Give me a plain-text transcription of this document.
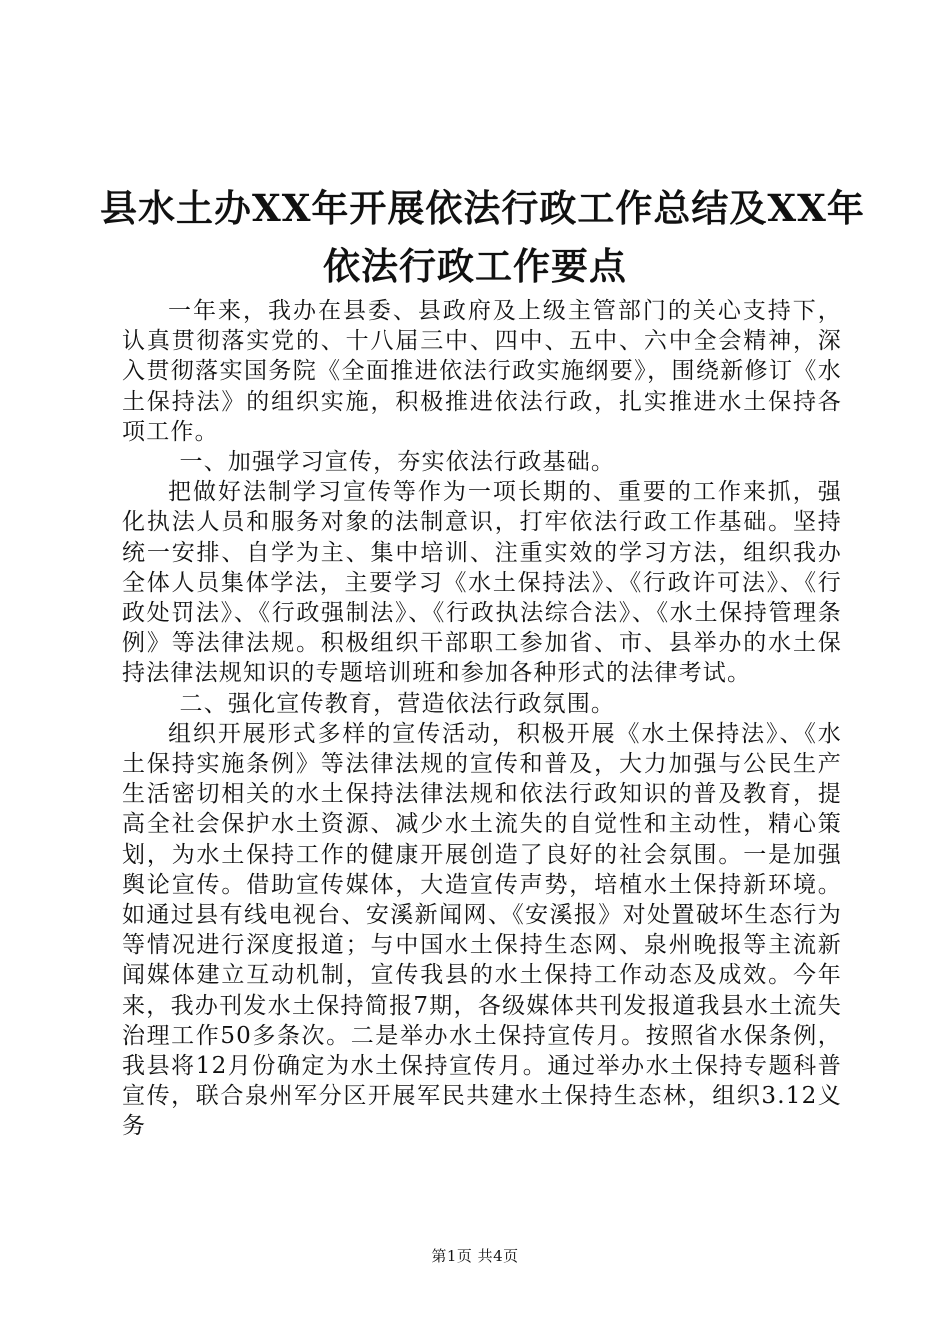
县水土办XX年开展依法行政工作总结及XX年
依法行政工作要点

一年来，我办在县委、县政府及上级主管部门的关心支持下，认真贯彻落实党的、十八届三中、四中、五中、六中全会精神，深入贯彻落实国务院《全面推进依法行政实施纲要》，围绕新修订《水土保持法》的组织实施，积极推进依法行政，扎实推进水土保持各项工作。

一、加强学习宣传，夯实依法行政基础。

把做好法制学习宣传等作为一项长期的、重要的工作来抓，强化执法人员和服务对象的法制意识，打牢依法行政工作基础。坚持统一安排、自学为主、集中培训、注重实效的学习方法，组织我办全体人员集体学法，主要学习《水土保持法》、《行政许可法》、《行政处罚法》、《行政强制法》、《行政执法综合法》、《水土保持管理条例》等法律法规。积极组织干部职工参加省、市、县举办的水土保持法律法规知识的专题培训班和参加各种形式的法律考试。

二、强化宣传教育，营造依法行政氛围。

组织开展形式多样的宣传活动，积极开展《水土保持法》、《水土保持实施条例》等法律法规的宣传和普及，大力加强与公民生产生活密切相关的水土保持法律法规和依法行政知识的普及教育，提高全社会保护水土资源、减少水土流失的自觉性和主动性，精心策划，为水土保持工作的健康开展创造了良好的社会氛围。一是加强舆论宣传。借助宣传媒体，大造宣传声势，培植水土保持新环境。如通过县有线电视台、安溪新闻网、《安溪报》对处置破坏生态行为等情况进行深度报道；与中国水土保持生态网、泉州晚报等主流新闻媒体建立互动机制，宣传我县的水土保持工作动态及成效。今年来，我办刊发水土保持简报7期，各级媒体共刊发报道我县水土流失治理工作50多条次。二是举办水土保持宣传月。按照省水保条例，我县将12月份确定为水土保持宣传月。通过举办水土保持专题科普宣传，联合泉州军分区开展军民共建水土保持生态林，组织3.12义务

第1页 共4页
